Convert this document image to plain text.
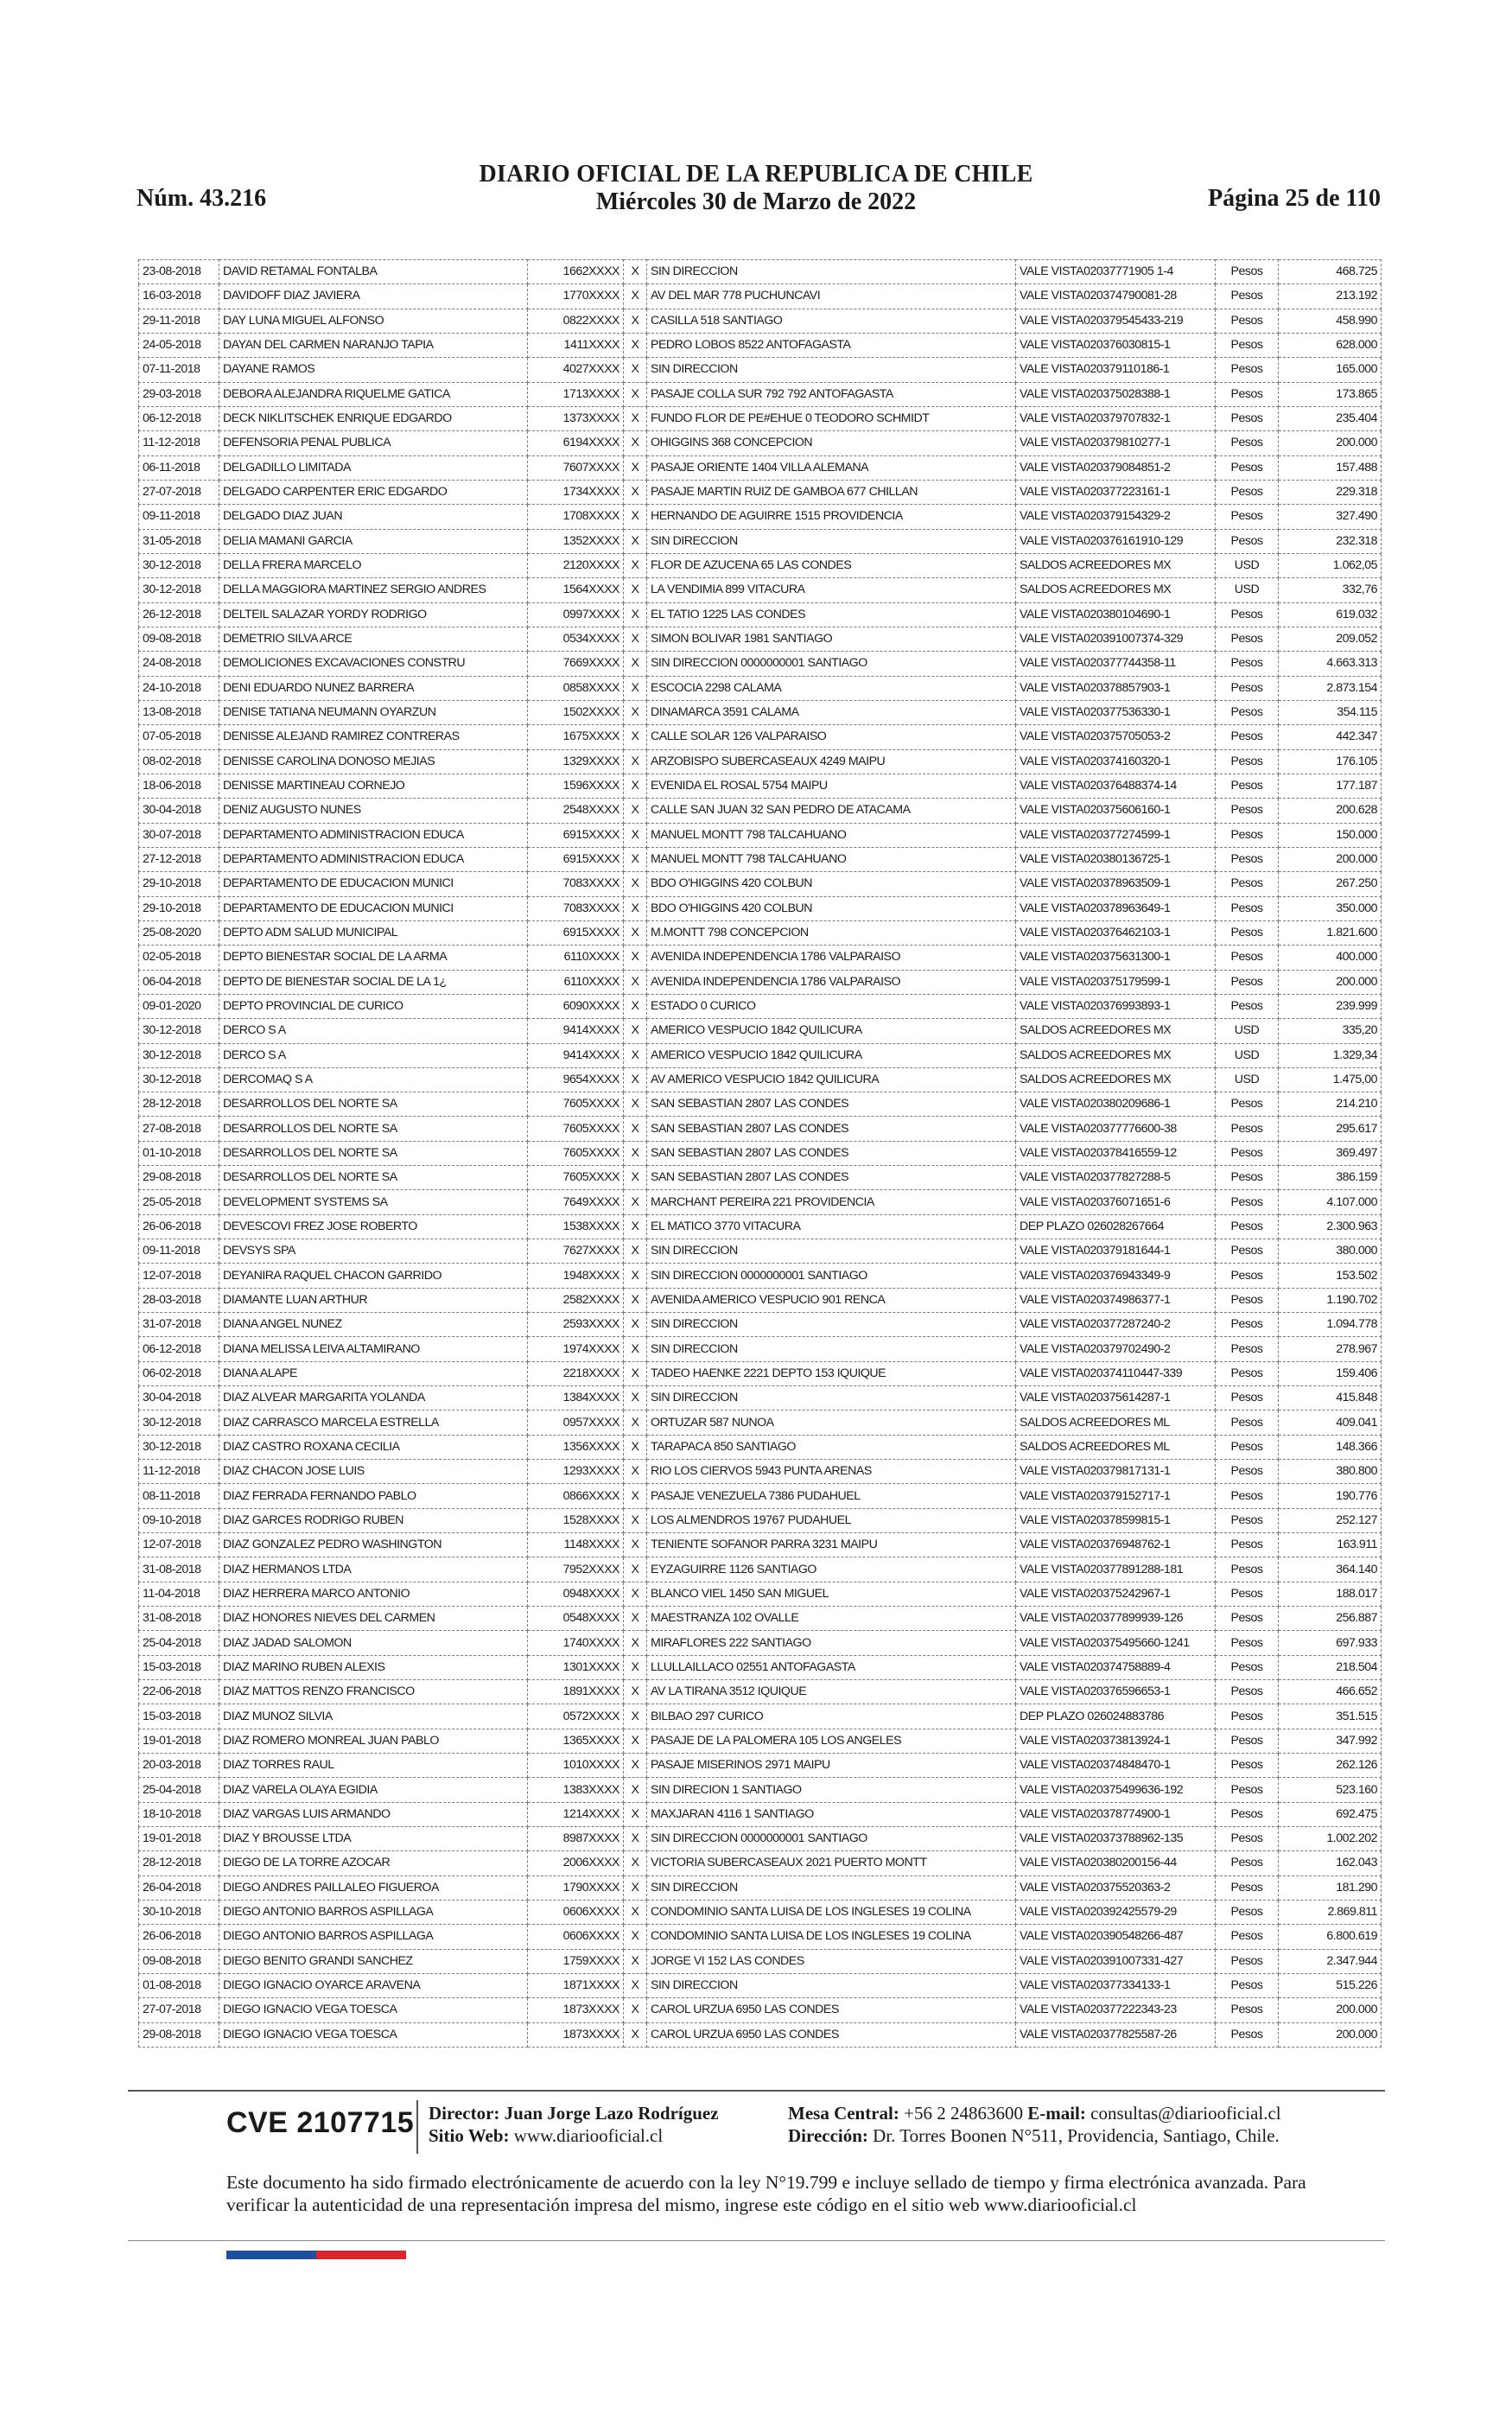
DIARIO OFICIAL DE LA REPUBLICA DE CHILE
Núm. 43.216	Miércoles 30 de Marzo de 2022	Página 25 de 110
23-08-2018	DAVID RETAMAL FONTALBA	1662XXXX	X	SIN DIRECCION	VALE VISTA02037771905 1-4	Pesos	468.725
16-03-2018	DAVIDOFF DIAZ JAVIERA	1770XXXX	X	AV DEL MAR 778 PUCHUNCAVI	VALE VISTA020374790081-28	Pesos	213.192
29-11-2018	DAY LUNA MIGUEL ALFONSO	0822XXXX	X	CASILLA 518 SANTIAGO	VALE VISTA020379545433-219	Pesos	458.990
24-05-2018	DAYAN DEL CARMEN NARANJO TAPIA	1411XXXX	X	PEDRO LOBOS 8522 ANTOFAGASTA	VALE VISTA020376030815-1	Pesos	628.000
07-11-2018	DAYANE RAMOS	4027XXXX	X	SIN DIRECCION	VALE VISTA020379110186-1	Pesos	165.000
29-03-2018	DEBORA ALEJANDRA RIQUELME GATICA	1713XXXX	X	PASAJE COLLA SUR 792 792 ANTOFAGASTA	VALE VISTA020375028388-1	Pesos	173.865
06-12-2018	DECK NIKLITSCHEK ENRIQUE EDGARDO	1373XXXX	X	FUNDO FLOR DE PE#EHUE 0 TEODORO SCHMIDT	VALE VISTA020379707832-1	Pesos	235.404
11-12-2018	DEFENSORIA PENAL PUBLICA	6194XXXX	X	OHIGGINS 368 CONCEPCION	VALE VISTA020379810277-1	Pesos	200.000
06-11-2018	DELGADILLO LIMITADA	7607XXXX	X	PASAJE ORIENTE 1404 VILLA ALEMANA	VALE VISTA020379084851-2	Pesos	157.488
27-07-2018	DELGADO CARPENTER ERIC EDGARDO	1734XXXX	X	PASAJE MARTIN RUIZ DE GAMBOA 677 CHILLAN	VALE VISTA020377223161-1	Pesos	229.318
09-11-2018	DELGADO DIAZ JUAN	1708XXXX	X	HERNANDO DE AGUIRRE 1515 PROVIDENCIA	VALE VISTA020379154329-2	Pesos	327.490
31-05-2018	DELIA MAMANI GARCIA	1352XXXX	X	SIN DIRECCION	VALE VISTA020376161910-129	Pesos	232.318
30-12-2018	DELLA FRERA MARCELO	2120XXXX	X	FLOR DE AZUCENA 65 LAS CONDES	SALDOS ACREEDORES MX	USD	1.062,05
30-12-2018	DELLA MAGGIORA MARTINEZ SERGIO ANDRES	1564XXXX	X	LA VENDIMIA 899 VITACURA	SALDOS ACREEDORES MX	USD	332,76
26-12-2018	DELTEIL SALAZAR YORDY RODRIGO	0997XXXX	X	EL TATIO 1225 LAS CONDES	VALE VISTA020380104690-1	Pesos	619.032
09-08-2018	DEMETRIO SILVA ARCE	0534XXXX	X	SIMON BOLIVAR 1981 SANTIAGO	VALE VISTA020391007374-329	Pesos	209.052
24-08-2018	DEMOLICIONES EXCAVACIONES CONSTRU	7669XXXX	X	SIN DIRECCION 0000000001 SANTIAGO	VALE VISTA020377744358-11	Pesos	4.663.313
24-10-2018	DENI EDUARDO NUNEZ BARRERA	0858XXXX	X	ESCOCIA 2298 CALAMA	VALE VISTA020378857903-1	Pesos	2.873.154
13-08-2018	DENISE TATIANA NEUMANN OYARZUN	1502XXXX	X	DINAMARCA 3591 CALAMA	VALE VISTA020377536330-1	Pesos	354.115
07-05-2018	DENISSE ALEJAND RAMIREZ CONTRERAS	1675XXXX	X	CALLE SOLAR 126 VALPARAISO	VALE VISTA020375705053-2	Pesos	442.347
08-02-2018	DENISSE CAROLINA DONOSO MEJIAS	1329XXXX	X	ARZOBISPO SUBERCASEAUX 4249 MAIPU	VALE VISTA020374160320-1	Pesos	176.105
18-06-2018	DENISSE MARTINEAU CORNEJO	1596XXXX	X	EVENIDA EL ROSAL 5754 MAIPU	VALE VISTA020376488374-14	Pesos	177.187
30-04-2018	DENIZ AUGUSTO NUNES	2548XXXX	X	CALLE SAN JUAN 32 SAN PEDRO DE ATACAMA	VALE VISTA020375606160-1	Pesos	200.628
30-07-2018	DEPARTAMENTO ADMINISTRACION EDUCA	6915XXXX	X	MANUEL MONTT 798 TALCAHUANO	VALE VISTA020377274599-1	Pesos	150.000
27-12-2018	DEPARTAMENTO ADMINISTRACION EDUCA	6915XXXX	X	MANUEL MONTT 798 TALCAHUANO	VALE VISTA020380136725-1	Pesos	200.000
29-10-2018	DEPARTAMENTO DE EDUCACION MUNICI	7083XXXX	X	BDO O'HIGGINS 420 COLBUN	VALE VISTA020378963509-1	Pesos	267.250
29-10-2018	DEPARTAMENTO DE EDUCACION MUNICI	7083XXXX	X	BDO O'HIGGINS 420 COLBUN	VALE VISTA020378963649-1	Pesos	350.000
25-08-2020	DEPTO ADM SALUD MUNICIPAL	6915XXXX	X	M.MONTT 798 CONCEPCION	VALE VISTA020376462103-1	Pesos	1.821.600
02-05-2018	DEPTO BIENESTAR SOCIAL DE LA ARMA	6110XXXX	X	AVENIDA INDEPENDENCIA 1786 VALPARAISO	VALE VISTA020375631300-1	Pesos	400.000
06-04-2018	DEPTO DE BIENESTAR SOCIAL DE LA 1¿	6110XXXX	X	AVENIDA INDEPENDENCIA 1786 VALPARAISO	VALE VISTA020375179599-1	Pesos	200.000
09-01-2020	DEPTO PROVINCIAL DE CURICO	6090XXXX	X	ESTADO 0 CURICO	VALE VISTA020376993893-1	Pesos	239.999
30-12-2018	DERCO S A	9414XXXX	X	AMERICO VESPUCIO 1842 QUILICURA	SALDOS ACREEDORES MX	USD	335,20
30-12-2018	DERCO S A	9414XXXX	X	AMERICO VESPUCIO 1842 QUILICURA	SALDOS ACREEDORES MX	USD	1.329,34
30-12-2018	DERCOMAQ S A	9654XXXX	X	AV AMERICO VESPUCIO 1842 QUILICURA	SALDOS ACREEDORES MX	USD	1.475,00
28-12-2018	DESARROLLOS DEL NORTE SA	7605XXXX	X	SAN SEBASTIAN 2807 LAS CONDES	VALE VISTA020380209686-1	Pesos	214.210
27-08-2018	DESARROLLOS DEL NORTE SA	7605XXXX	X	SAN SEBASTIAN 2807 LAS CONDES	VALE VISTA020377776600-38	Pesos	295.617
01-10-2018	DESARROLLOS DEL NORTE SA	7605XXXX	X	SAN SEBASTIAN 2807 LAS CONDES	VALE VISTA020378416559-12	Pesos	369.497
29-08-2018	DESARROLLOS DEL NORTE SA	7605XXXX	X	SAN SEBASTIAN 2807 LAS CONDES	VALE VISTA020377827288-5	Pesos	386.159
25-05-2018	DEVELOPMENT SYSTEMS SA	7649XXXX	X	MARCHANT PEREIRA 221 PROVIDENCIA	VALE VISTA020376071651-6	Pesos	4.107.000
26-06-2018	DEVESCOVI FREZ JOSE ROBERTO	1538XXXX	X	EL MATICO 3770 VITACURA	DEP PLAZO 026028267664	Pesos	2.300.963
09-11-2018	DEVSYS SPA	7627XXXX	X	SIN DIRECCION	VALE VISTA020379181644-1	Pesos	380.000
12-07-2018	DEYANIRA RAQUEL CHACON GARRIDO	1948XXXX	X	SIN DIRECCION 0000000001 SANTIAGO	VALE VISTA020376943349-9	Pesos	153.502
28-03-2018	DIAMANTE LUAN ARTHUR	2582XXXX	X	AVENIDA AMERICO VESPUCIO 901 RENCA	VALE VISTA020374986377-1	Pesos	1.190.702
31-07-2018	DIANA ANGEL NUNEZ	2593XXXX	X	SIN DIRECCION	VALE VISTA020377287240-2	Pesos	1.094.778
06-12-2018	DIANA MELISSA LEIVA ALTAMIRANO	1974XXXX	X	SIN DIRECCION	VALE VISTA020379702490-2	Pesos	278.967
06-02-2018	DIANA ALAPE	2218XXXX	X	TADEO HAENKE 2221 DEPTO 153 IQUIQUE	VALE VISTA020374110447-339	Pesos	159.406
30-04-2018	DIAZ ALVEAR MARGARITA YOLANDA	1384XXXX	X	SIN DIRECCION	VALE VISTA020375614287-1	Pesos	415.848
30-12-2018	DIAZ CARRASCO MARCELA ESTRELLA	0957XXXX	X	ORTUZAR 587 NUNOA	SALDOS ACREEDORES ML	Pesos	409.041
30-12-2018	DIAZ CASTRO ROXANA CECILIA	1356XXXX	X	TARAPACA 850 SANTIAGO	SALDOS ACREEDORES ML	Pesos	148.366
11-12-2018	DIAZ CHACON JOSE LUIS	1293XXXX	X	RIO LOS CIERVOS 5943 PUNTA ARENAS	VALE VISTA020379817131-1	Pesos	380.800
08-11-2018	DIAZ FERRADA FERNANDO PABLO	0866XXXX	X	PASAJE VENEZUELA 7386 PUDAHUEL	VALE VISTA020379152717-1	Pesos	190.776
09-10-2018	DIAZ GARCES RODRIGO RUBEN	1528XXXX	X	LOS ALMENDROS 19767 PUDAHUEL	VALE VISTA020378599815-1	Pesos	252.127
12-07-2018	DIAZ GONZALEZ PEDRO WASHINGTON	1148XXXX	X	TENIENTE SOFANOR PARRA 3231 MAIPU	VALE VISTA020376948762-1	Pesos	163.911
31-08-2018	DIAZ HERMANOS LTDA	7952XXXX	X	EYZAGUIRRE 1126 SANTIAGO	VALE VISTA020377891288-181	Pesos	364.140
11-04-2018	DIAZ HERRERA MARCO ANTONIO	0948XXXX	X	BLANCO VIEL 1450 SAN MIGUEL	VALE VISTA020375242967-1	Pesos	188.017
31-08-2018	DIAZ HONORES NIEVES DEL CARMEN	0548XXXX	X	MAESTRANZA 102 OVALLE	VALE VISTA020377899939-126	Pesos	256.887
25-04-2018	DIAZ JADAD SALOMON	1740XXXX	X	MIRAFLORES 222 SANTIAGO	VALE VISTA020375495660-1241	Pesos	697.933
15-03-2018	DIAZ MARINO RUBEN ALEXIS	1301XXXX	X	LLULLAILLACO 02551 ANTOFAGASTA	VALE VISTA020374758889-4	Pesos	218.504
22-06-2018	DIAZ MATTOS RENZO FRANCISCO	1891XXXX	X	AV LA TIRANA 3512 IQUIQUE	VALE VISTA020376596653-1	Pesos	466.652
15-03-2018	DIAZ MUNOZ SILVIA	0572XXXX	X	BILBAO 297 CURICO	DEP PLAZO 026024883786	Pesos	351.515
19-01-2018	DIAZ ROMERO MONREAL JUAN PABLO	1365XXXX	X	PASAJE DE LA PALOMERA 105 LOS ANGELES	VALE VISTA020373813924-1	Pesos	347.992
20-03-2018	DIAZ TORRES RAUL	1010XXXX	X	PASAJE MISERINOS 2971 MAIPU	VALE VISTA020374848470-1	Pesos	262.126
25-04-2018	DIAZ VARELA OLAYA EGIDIA	1383XXXX	X	SIN DIRECION 1 SANTIAGO	VALE VISTA020375499636-192	Pesos	523.160
18-10-2018	DIAZ VARGAS LUIS ARMANDO	1214XXXX	X	MAXJARAN 4116 1 SANTIAGO	VALE VISTA020378774900-1	Pesos	692.475
19-01-2018	DIAZ Y BROUSSE LTDA	8987XXXX	X	SIN DIRECCION 0000000001 SANTIAGO	VALE VISTA020373788962-135	Pesos	1.002.202
28-12-2018	DIEGO DE LA TORRE AZOCAR	2006XXXX	X	VICTORIA SUBERCASEAUX 2021 PUERTO MONTT	VALE VISTA020380200156-44	Pesos	162.043
26-04-2018	DIEGO ANDRES PAILLALEO FIGUEROA	1790XXXX	X	SIN DIRECCION	VALE VISTA020375520363-2	Pesos	181.290
30-10-2018	DIEGO ANTONIO BARROS ASPILLAGA	0606XXXX	X	CONDOMINIO SANTA LUISA DE LOS INGLESES 19 COLINA	VALE VISTA020392425579-29	Pesos	2.869.811
26-06-2018	DIEGO ANTONIO BARROS ASPILLAGA	0606XXXX	X	CONDOMINIO SANTA LUISA DE LOS INGLESES 19 COLINA	VALE VISTA020390548266-487	Pesos	6.800.619
09-08-2018	DIEGO BENITO GRANDI SANCHEZ	1759XXXX	X	JORGE VI 152 LAS CONDES	VALE VISTA020391007331-427	Pesos	2.347.944
01-08-2018	DIEGO IGNACIO OYARCE ARAVENA	1871XXXX	X	SIN DIRECCION	VALE VISTA020377334133-1	Pesos	515.226
27-07-2018	DIEGO IGNACIO VEGA TOESCA	1873XXXX	X	CAROL URZUA 6950 LAS CONDES	VALE VISTA020377222343-23	Pesos	200.000
29-08-2018	DIEGO IGNACIO VEGA TOESCA	1873XXXX	X	CAROL URZUA 6950 LAS CONDES	VALE VISTA020377825587-26	Pesos	200.000
CVE 2107715 Director: Juan Jorge Lazo Rodríguez
Sitio Web: www.diariooficial.cl
Mesa Central: +56 2 24863600 E-mail: consultas@diariooficial.cl
Dirección: Dr. Torres Boonen N°511, Providencia, Santiago, Chile.
Este documento ha sido firmado electrónicamente de acuerdo con la ley N°19.799 e incluye sellado de tiempo y firma electrónica avanzada. Para verificar la autenticidad de una representación impresa del mismo, ingrese este código en el sitio web www.diariooficial.cl
